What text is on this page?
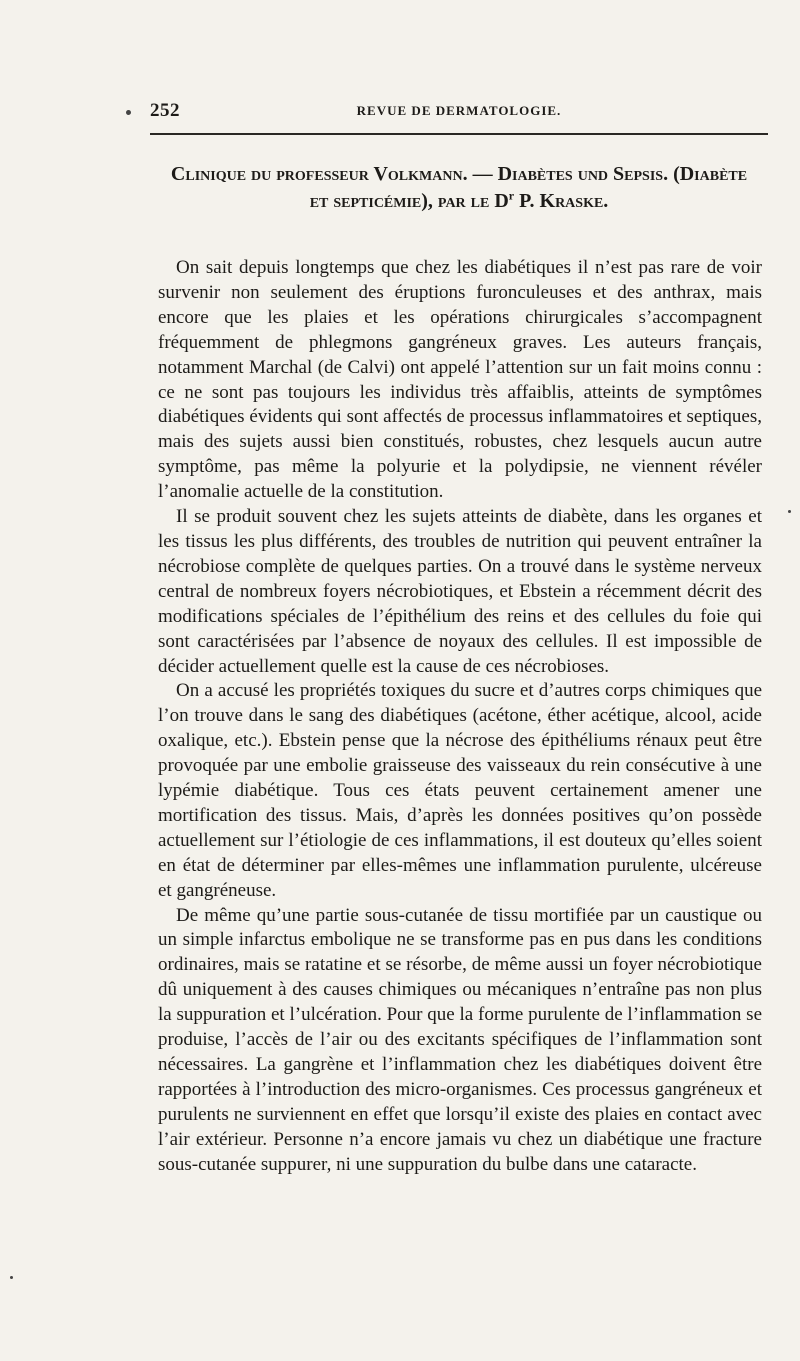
252	REVUE DE DERMATOLOGIE.
Clinique du professeur Volkmann. — Diabètes und Sepsis. (Diabète
et septicémie), par le $D^r$ P. Kraske.

On sait depuis longtemps que chez les diabétiques il n’est pas rare de voir survenir non seulement des éruptions furonculeuses et des anthrax, mais encore que les plaies et les opérations chirurgicales s’accompagnent fréquemment de phlegmons gangréneux graves. Les auteurs français, notamment Marchal (de Calvi) ont appelé l’attention sur un fait moins connu : ce ne sont pas toujours les individus très affaiblis, atteints de symptômes diabétiques évidents qui sont affectés de processus inflammatoires et septiques, mais des sujets aussi bien constitués, robustes, chez lesquels aucun autre symptôme, pas même la polyurie et la polydipsie, ne viennent révéler l’anomalie actuelle de la constitution.

Il se produit souvent chez les sujets atteints de diabète, dans les organes et les tissus les plus différents, des troubles de nutrition qui peuvent entraîner la nécrobiose complète de quelques parties. On a trouvé dans le système nerveux central de nombreux foyers nécrobiotiques, et Ebstein a récemment décrit des modifications spéciales de l’épithélium des reins et des cellules du foie qui sont caractérisées par l’absence de noyaux des cellules. Il est impossible de décider actuellement quelle est la cause de ces nécrobioses.

On a accusé les propriétés toxiques du sucre et d’autres corps chimiques que l’on trouve dans le sang des diabétiques (acétone, éther acétique, alcool, acide oxalique, etc.). Ebstein pense que la nécrose des épithéliums rénaux peut être provoquée par une embolie graisseuse des vaisseaux du rein consécutive à une lypémie diabétique. Tous ces états peuvent certainement amener une mortification des tissus. Mais, d’après les données positives qu’on possède actuellement sur l’étiologie de ces inflammations, il est douteux qu’elles soient en état de déterminer par elles-mêmes une inflammation purulente, ulcéreuse et gangréneuse.

De même qu’une partie sous-cutanée de tissu mortifiée par un caustique ou un simple infarctus embolique ne se transforme pas en pus dans les conditions ordinaires, mais se ratatine et se résorbe, de même aussi un foyer nécrobiotique dû uniquement à des causes chimiques ou mécaniques n’entraîne pas non plus la suppuration et l’ulcération. Pour que la forme purulente de l’inflammation se produise, l’accès de l’air ou des excitants spécifiques de l’inflammation sont nécessaires. La gangrène et l’inflammation chez les diabétiques doivent être rapportées à l’introduction des micro-organismes. Ces processus gangréneux et purulents ne surviennent en effet que lorsqu’il existe des plaies en contact avec l’air extérieur. Personne n’a encore jamais vu chez un diabétique une fracture sous-cutanée suppurer, ni une suppuration du bulbe dans une cataracte.
